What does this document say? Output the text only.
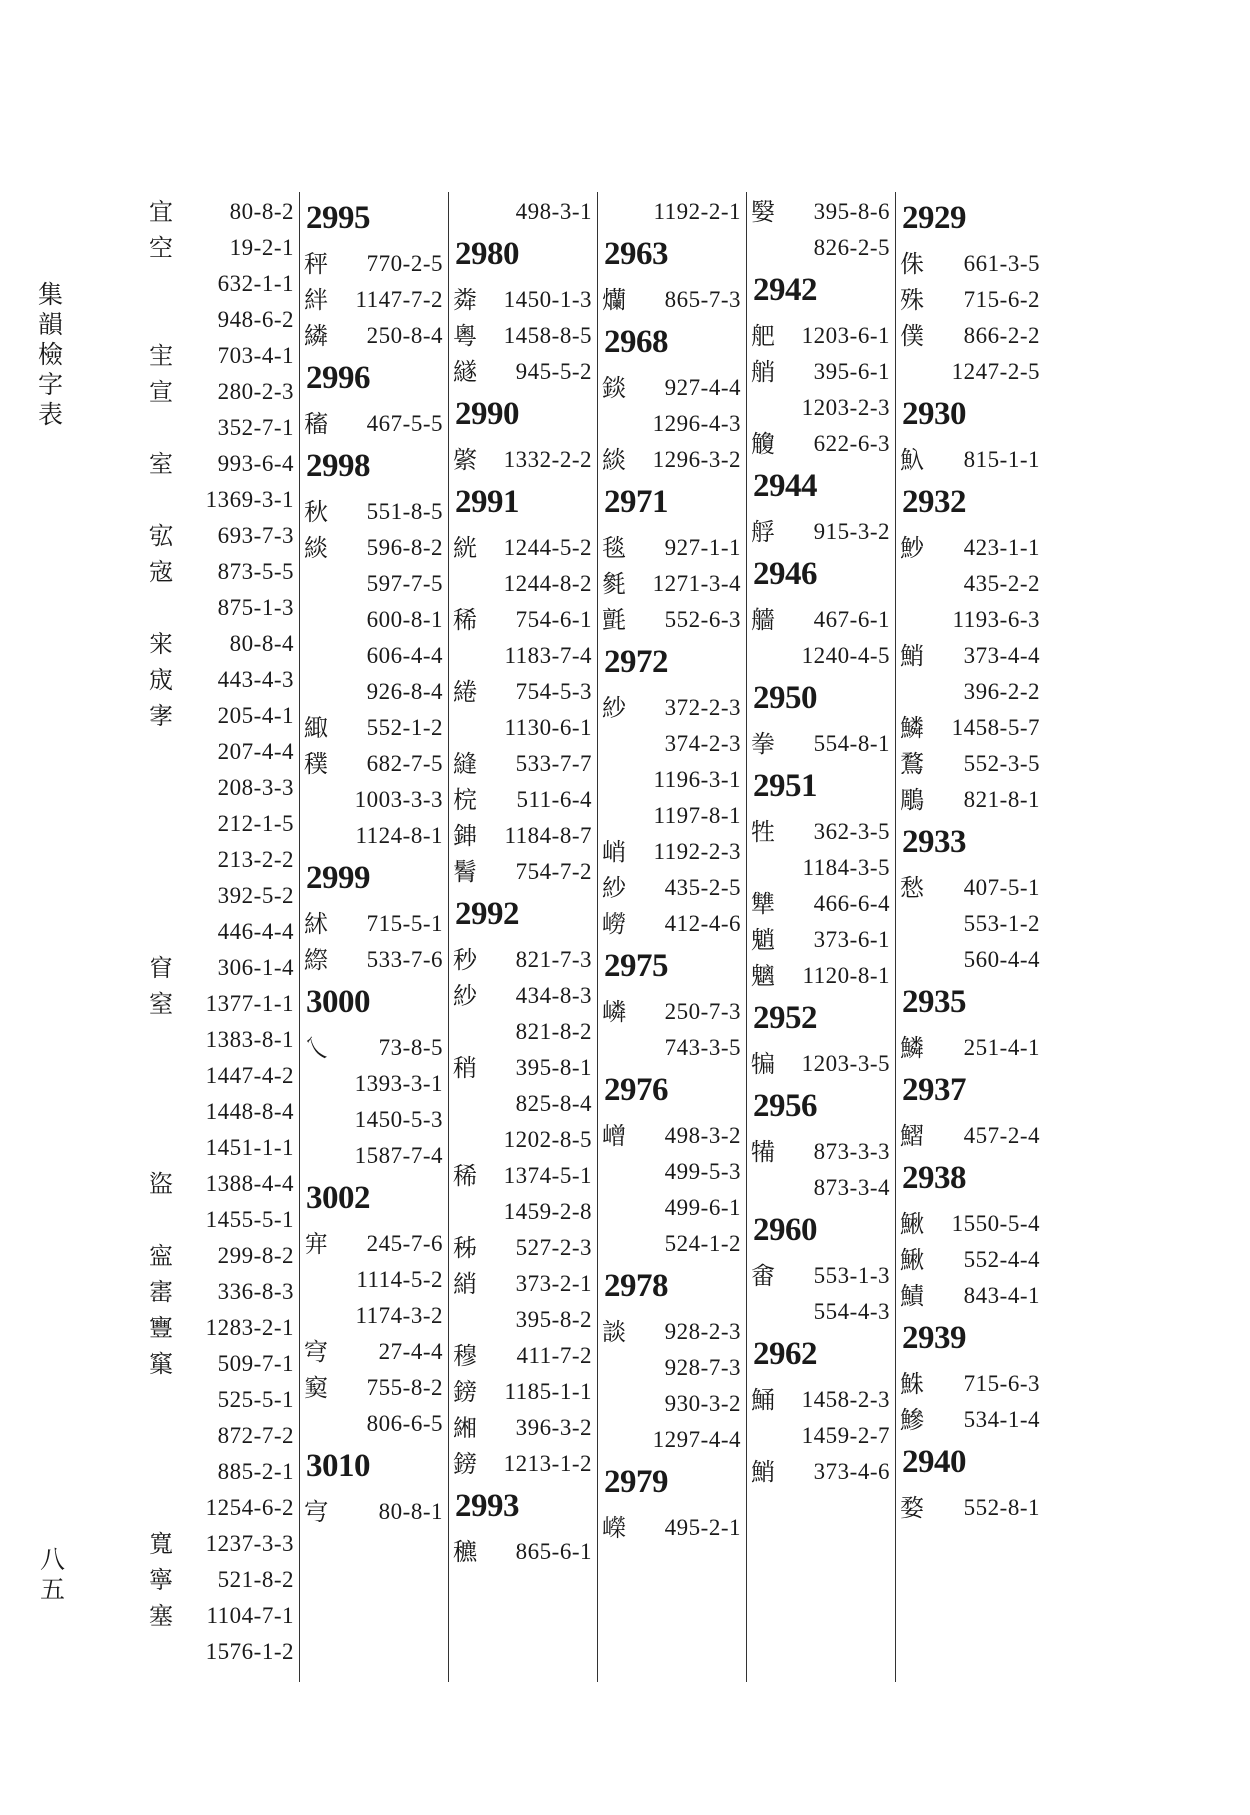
集韻檢字表
八五
宜	80-8-2
空	19-2-1
632-1-1
948-6-2
宔	703-4-1
宣	280-2-3
352-7-1
室	993-6-4
1369-3-1
宖	693-7-3
宼	873-5-5
875-1-3
宩	80-8-4
宬	443-4-3
宯	205-4-1
207-4-4
208-3-3
212-1-5
213-2-2
392-5-2
446-4-4
窅	306-1-4
窒	1377-1-1
1383-8-1
1447-4-2
1448-8-4
1451-1-1
盜	1388-4-4
1455-5-1
寍	299-8-2
寚	336-8-3
寷	1283-2-1
窼	509-7-1
525-5-1
872-7-2
885-2-1
1254-6-2
寬	1237-3-3
寧	521-8-2
塞	1104-7-1
1576-1-2
2995
秤	770-2-5
絆	1147-7-2
繗	250-8-4
2996
稸	467-5-5
2998
秋	551-8-5
緂	596-8-2
597-7-5
600-8-1
606-4-4
926-8-4
緅	552-1-2
穙	682-7-5
1003-3-3
1124-8-1
2999
絉	715-5-1
縩	533-7-6
3000
乀	73-8-5
1393-3-1
1450-5-3
1587-7-4
3002
宑	245-7-6
1114-5-2
1174-3-2
穹	27-4-4
窫	755-8-2
806-6-5
3010
宆	80-8-1
498-3-1
2980
粦	1450-1-3
粵	1458-8-5
繸	945-5-2
2990
綮	1332-2-2
2991
絖	1244-5-2
1244-8-2
稀	754-6-1
1183-7-4
綣	754-5-3
1130-6-1
縫	533-7-7
梡	511-6-4
鋛	1184-8-7
鬌	754-7-2
2992
秒	821-7-3
紗	434-8-3
821-8-2
稍	395-8-1
825-8-4
1202-8-5
稀	1374-5-1
1459-2-8
秭	527-2-3
綃	373-2-1
395-8-2
穆	411-7-2
鎊	1185-1-1
緗	396-3-2
鎊	1213-1-2
2993
穮	865-6-1
1192-2-1
2963
爤	865-7-3
2968
錟	927-4-4
1296-4-3
緂	1296-3-2
2971
毯	927-1-1
毿	1271-3-4
氈	552-6-3
2972
紗	372-2-3
374-2-3
1196-3-1
1197-8-1
峭	1192-2-3
紗	435-2-5
嶗	412-4-6
2975
嶙	250-7-3
743-3-5
2976
嶒	498-3-2
499-5-3
499-6-1
524-1-2
2978
談	928-2-3
928-7-3
930-3-2
1297-4-4
2979
嶸	495-2-1
嫛	395-8-6
826-2-5
2942
舥	1203-6-1
艄	395-6-1
1203-2-3
觼	622-6-3
2944
艀	915-3-2
2946
艢	467-6-1
1240-4-5
2950
拳	554-8-1
2951
牲	362-3-5
1184-3-5
犨	466-6-4
魈	373-6-1
魑	1120-8-1
2952
犏	1203-3-5
2956
犕	873-3-3
873-3-4
2960
畬	553-1-3
554-4-3
2962
鯒	1458-2-3
1459-2-7
鮹	373-4-6
2929
侏	661-3-5
殊	715-6-2
僕	866-2-2
1247-2-5
2930
魞	815-1-1
2932
魦	423-1-1
435-2-2
1193-6-3
鮹	373-4-4
396-2-2
鱗	1458-5-7
鶩	552-3-5
鵰	821-8-1
2933
愁	407-5-1
553-1-2
560-4-4
2935
鱗	251-4-1
2937
鰼	457-2-4
2938
鰍	1550-5-4
鰍	552-4-4
鰿	843-4-1
2939
鮢	715-6-3
鰺	534-1-4
2940
婺	552-8-1
